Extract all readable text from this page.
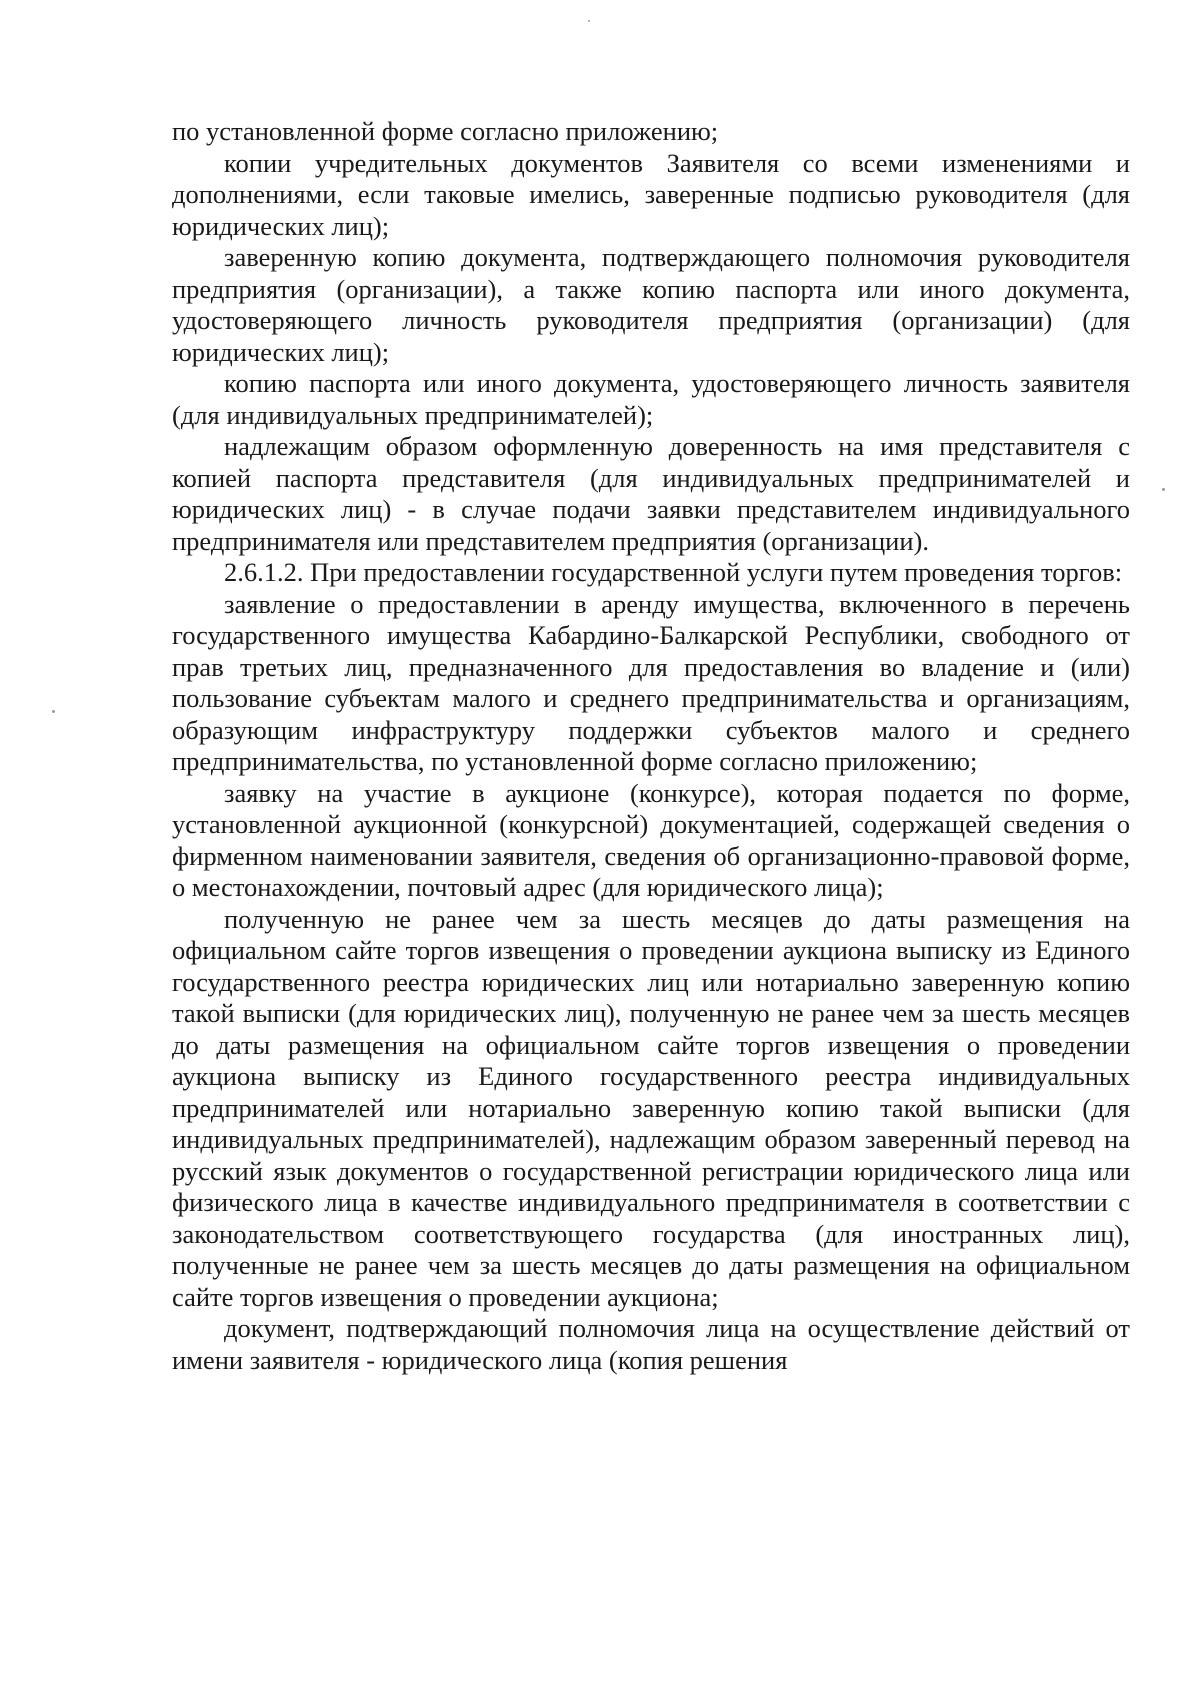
по установленной форме согласно приложению;

копии учредительных документов Заявителя со всеми изменениями и дополнениями, если таковые имелись, заверенные подписью руководителя (для юридических лиц);

заверенную копию документа, подтверждающего полномочия руководителя предприятия (организации), а также копию паспорта или иного документа, удостоверяющего личность руководителя предприятия (организации) (для юридических лиц);

копию паспорта или иного документа, удостоверяющего личность заявителя (для индивидуальных предпринимателей);

надлежащим образом оформленную доверенность на имя представителя с копией паспорта представителя (для индивидуальных предпринимателей и юридических лиц) - в случае подачи заявки представителем индивидуального предпринимателя или представителем предприятия (организации).

2.6.1.2. При предоставлении государственной услуги путем проведения торгов:

заявление о предоставлении в аренду имущества, включенного в перечень государственного имущества Кабардино-Балкарской Республики, свободного от прав третьих лиц, предназначенного для предоставления во владение и (или) пользование субъектам малого и среднего предпринимательства и организациям, образующим инфраструктуру поддержки субъектов малого и среднего предпринимательства, по установленной форме согласно приложению;

заявку на участие в аукционе (конкурсе), которая подается по форме, установленной аукционной (конкурсной) документацией, содержащей сведения о фирменном наименовании заявителя, сведения об организационно-правовой форме, о местонахождении, почтовый адрес (для юридического лица);

полученную не ранее чем за шесть месяцев до даты размещения на официальном сайте торгов извещения о проведении аукциона выписку из Единого государственного реестра юридических лиц или нотариально заверенную копию такой выписки (для юридических лиц), полученную не ранее чем за шесть месяцев до даты размещения на официальном сайте торгов извещения о проведении аукциона выписку из Единого государственного реестра индивидуальных предпринимателей или нотариально заверенную копию такой выписки (для индивидуальных предпринимателей), надлежащим образом заверенный перевод на русский язык документов о государственной регистрации юридического лица или физического лица в качестве индивидуального предпринимателя в соответствии с законодательством соответствующего государства (для иностранных лиц), полученные не ранее чем за шесть месяцев до даты размещения на официальном сайте торгов извещения о проведении аукциона;

документ, подтверждающий полномочия лица на осуществление действий от имени заявителя - юридического лица (копия решения
